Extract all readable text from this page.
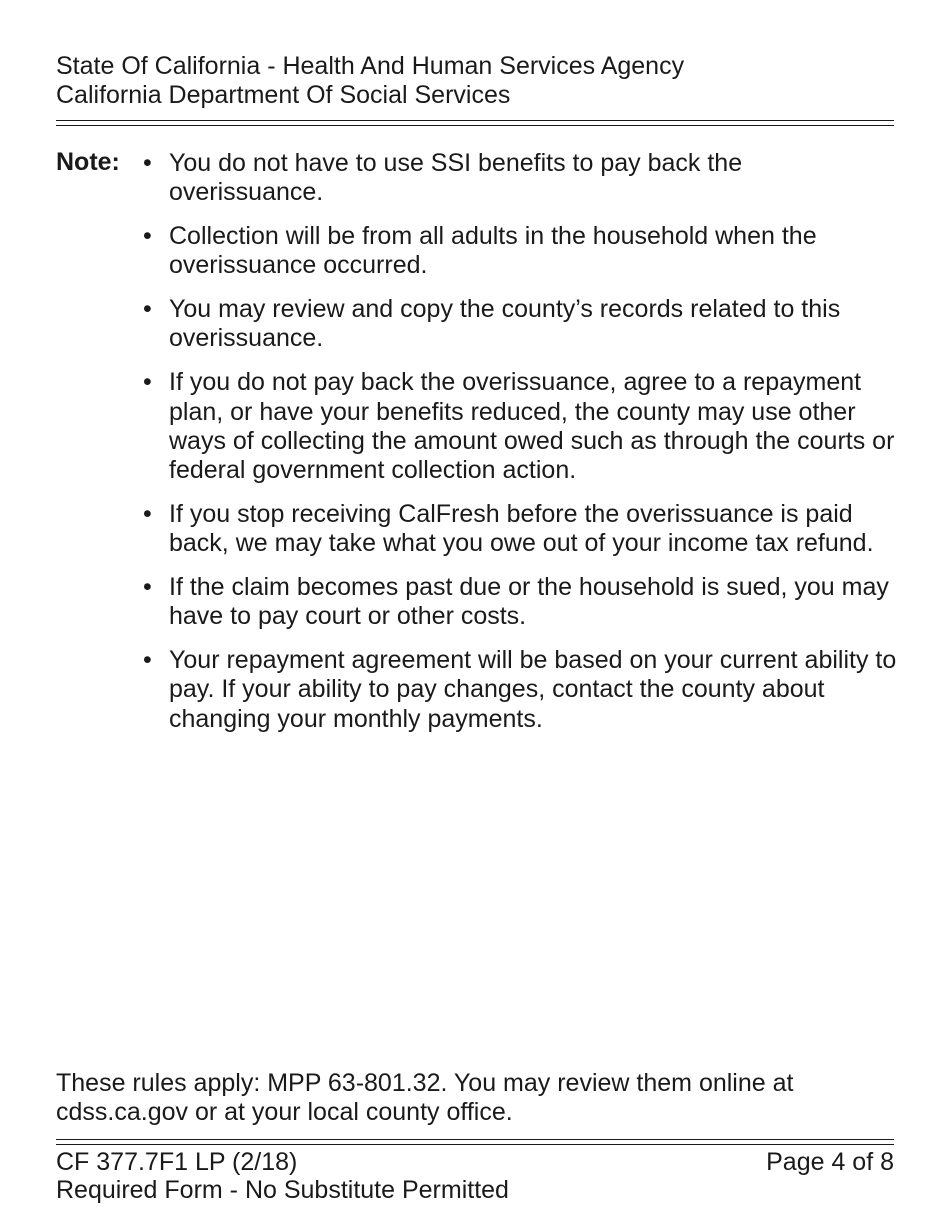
State Of California - Health And Human Services Agency
California Department Of Social Services
Note: • You do not have to use SSI benefits to pay back the overissuance.
• Collection will be from all adults in the household when the overissuance occurred.
• You may review and copy the county’s records related to this overissuance.
• If you do not pay back the overissuance, agree to a repayment plan, or have your benefits reduced, the county may use other ways of collecting the amount owed such as through the courts or federal government collection action.
• If you stop receiving CalFresh before the overissuance is paid back, we may take what you owe out of your income tax refund.
• If the claim becomes past due or the household is sued, you may have to pay court or other costs.
• Your repayment agreement will be based on your current ability to pay. If your ability to pay changes, contact the county about changing your monthly payments.
These rules apply: MPP 63-801.32. You may review them online at cdss.ca.gov or at your local county office.
CF 377.7F1 LP (2/18)
Required Form - No Substitute Permitted
Page 4 of 8
